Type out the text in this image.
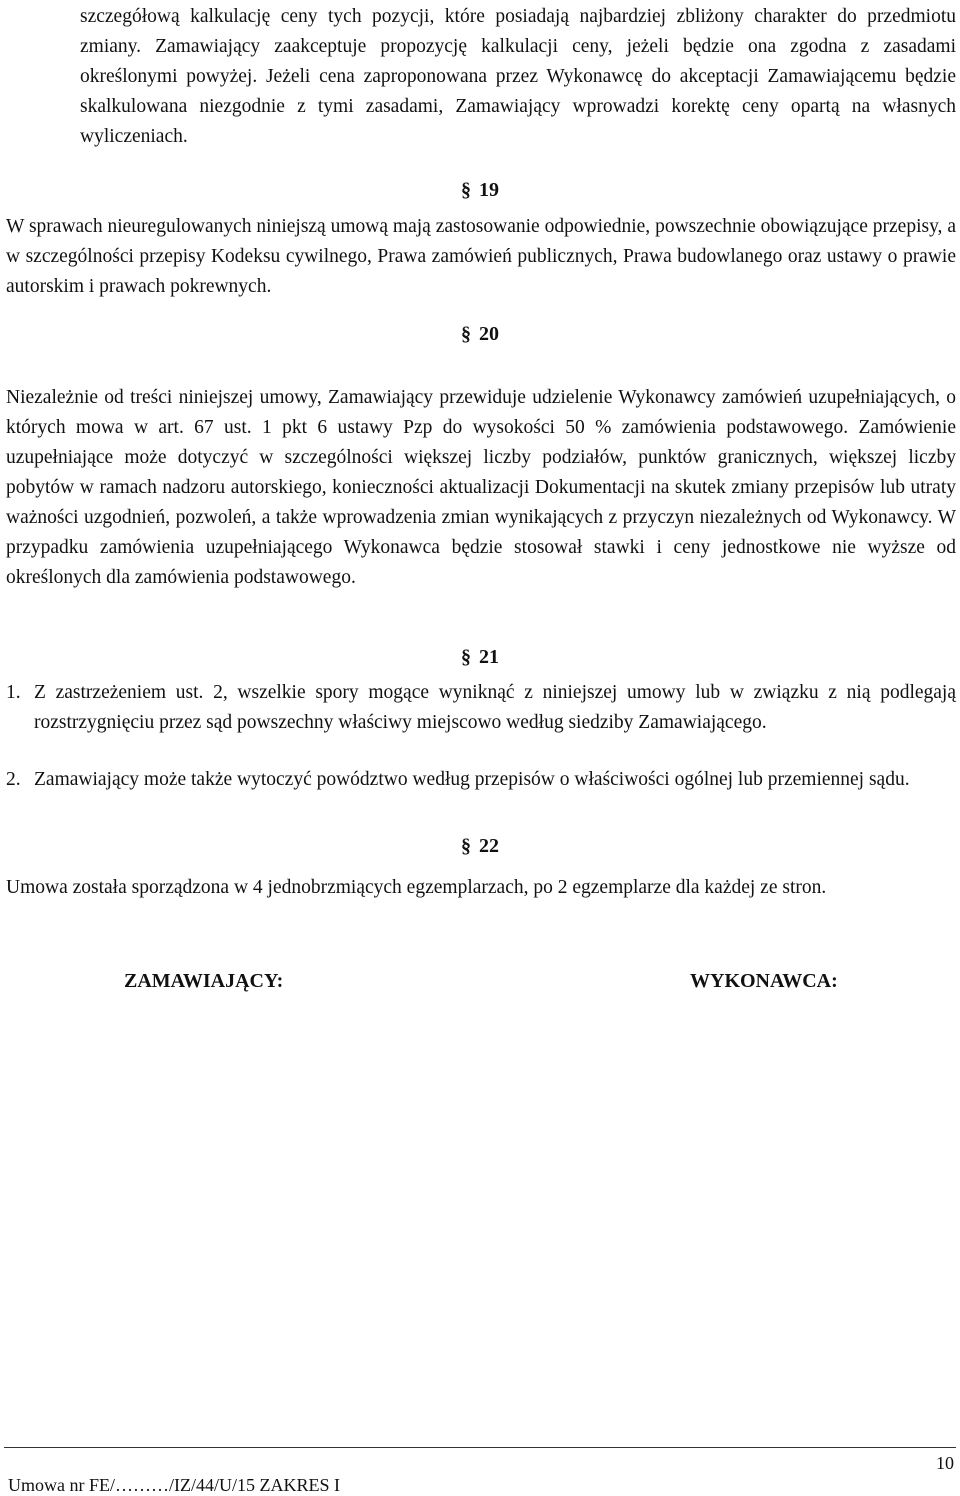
szczegółową kalkulację ceny tych pozycji, które posiadają najbardziej zbliżony charakter do przedmiotu zmiany. Zamawiający zaakceptuje propozycję kalkulacji ceny, jeżeli będzie ona zgodna z zasadami określonymi powyżej. Jeżeli cena zaproponowana przez Wykonawcę do akceptacji Zamawiającemu będzie skalkulowana niezgodnie z tymi zasadami, Zamawiający wprowadzi korektę ceny opartą na własnych wyliczeniach.

§ 19

W sprawach nieuregulowanych niniejszą umową mają zastosowanie odpowiednie, powszechnie obowiązujące przepisy, a w szczególności przepisy Kodeksu cywilnego, Prawa zamówień publicznych, Prawa budowlanego oraz ustawy o prawie autorskim i prawach pokrewnych.

§ 20

Niezależnie od treści niniejszej umowy, Zamawiający przewiduje udzielenie Wykonawcy zamówień uzupełniających, o których mowa w art. 67 ust. 1 pkt 6 ustawy Pzp do wysokości 50 % zamówienia podstawowego. Zamówienie uzupełniające może dotyczyć w szczególności większej liczby podziałów, punktów granicznych, większej liczby pobytów w ramach nadzoru autorskiego, konieczności aktualizacji Dokumentacji na skutek zmiany przepisów lub utraty ważności uzgodnień, pozwoleń, a także wprowadzenia zmian wynikających z przyczyn niezależnych od Wykonawcy. W przypadku zamówienia uzupełniającego Wykonawca będzie stosował stawki i ceny jednostkowe nie wyższe od określonych dla zamówienia podstawowego.

§ 21
1. Z zastrzeżeniem ust. 2, wszelkie spory mogące wyniknąć z niniejszej umowy lub w związku z nią podlegają rozstrzygnięciu przez sąd powszechny właściwy miejscowo według siedziby Zamawiającego.
2. Zamawiający może także wytoczyć powództwo według przepisów o właściwości ogólnej lub przemiennej sądu.
§ 22

Umowa została sporządzona w 4 jednobrzmiących egzemplarzach, po 2 egzemplarze dla każdej ze stron.

ZAMAWIAJĄCY:	WYKONAWCA:

10

Umowa nr FE/………/IZ/44/U/15 ZAKRES I
